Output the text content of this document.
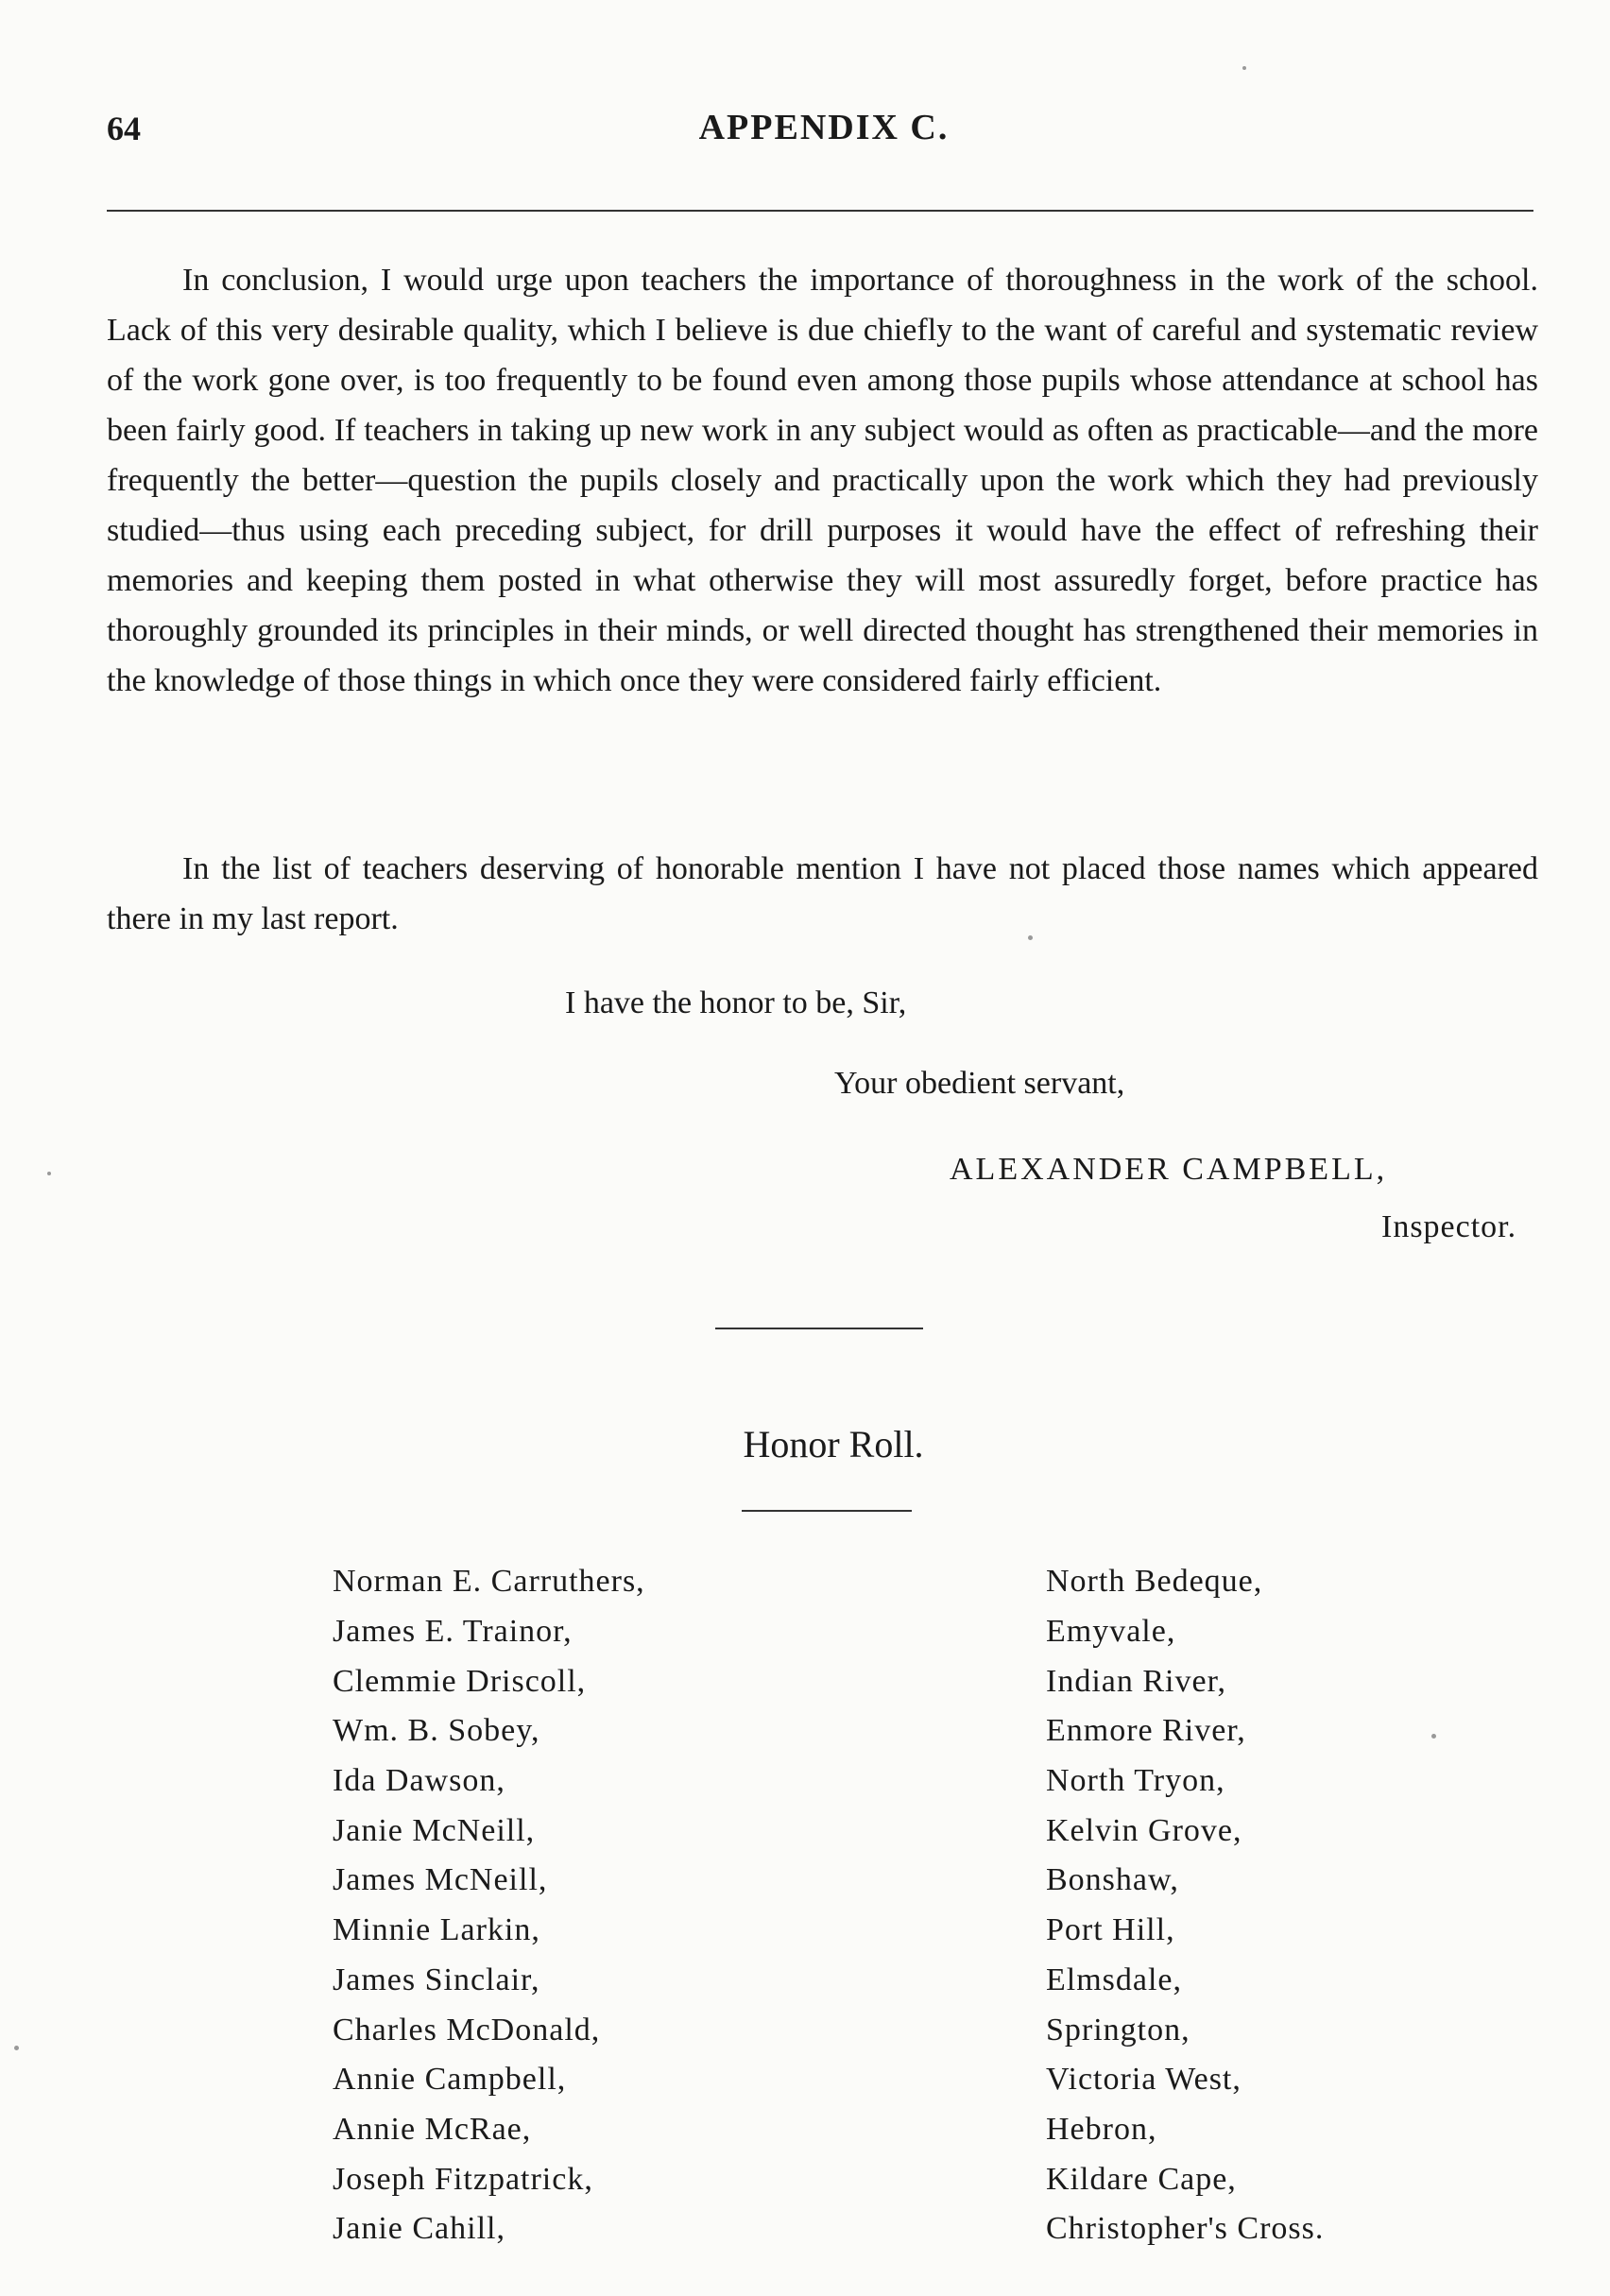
64	APPENDIX C.

In conclusion, I would urge upon teachers the importance of thoroughness in the work of the school. Lack of this very desirable quality, which I believe is due chiefly to the want of careful and systematic review of the work gone over, is too frequently to be found even among those pupils whose attendance at school has been fairly good. If teachers in taking up new work in any subject would as often as practicable—and the more frequently the better—question the pupils closely and practically upon the work which they had previously studied—thus using each preceding subject, for drill purposes it would have the effect of refreshing their memories and keeping them posted in what otherwise they will most assuredly forget, before practice has thoroughly grounded its principles in their minds, or well directed thought has strengthened their memories in the knowledge of those things in which once they were considered fairly efficient.

In the list of teachers deserving of honorable mention I have not placed those names which appeared there in my last report.

I have the honor to be, Sir,
Your obedient servant,
ALEXANDER CAMPBELL,
Inspector.
Honor Roll.
Norman E. Carruthers,	North Bedeque,
James E. Trainor,	Emyvale,
Clemmie Driscoll,	Indian River,
Wm. B. Sobey,	Enmore River,
Ida Dawson,	North Tryon,
Janie McNeill,	Kelvin Grove,
James McNeill,	Bonshaw,
Minnie Larkin,	Port Hill,
James Sinclair,	Elmsdale,
Charles McDonald,	Springton,
Annie Campbell,	Victoria West,
Annie McRae,	Hebron,
Joseph Fitzpatrick,	Kildare Cape,
Janie Cahill,	Christopher's Cross.
